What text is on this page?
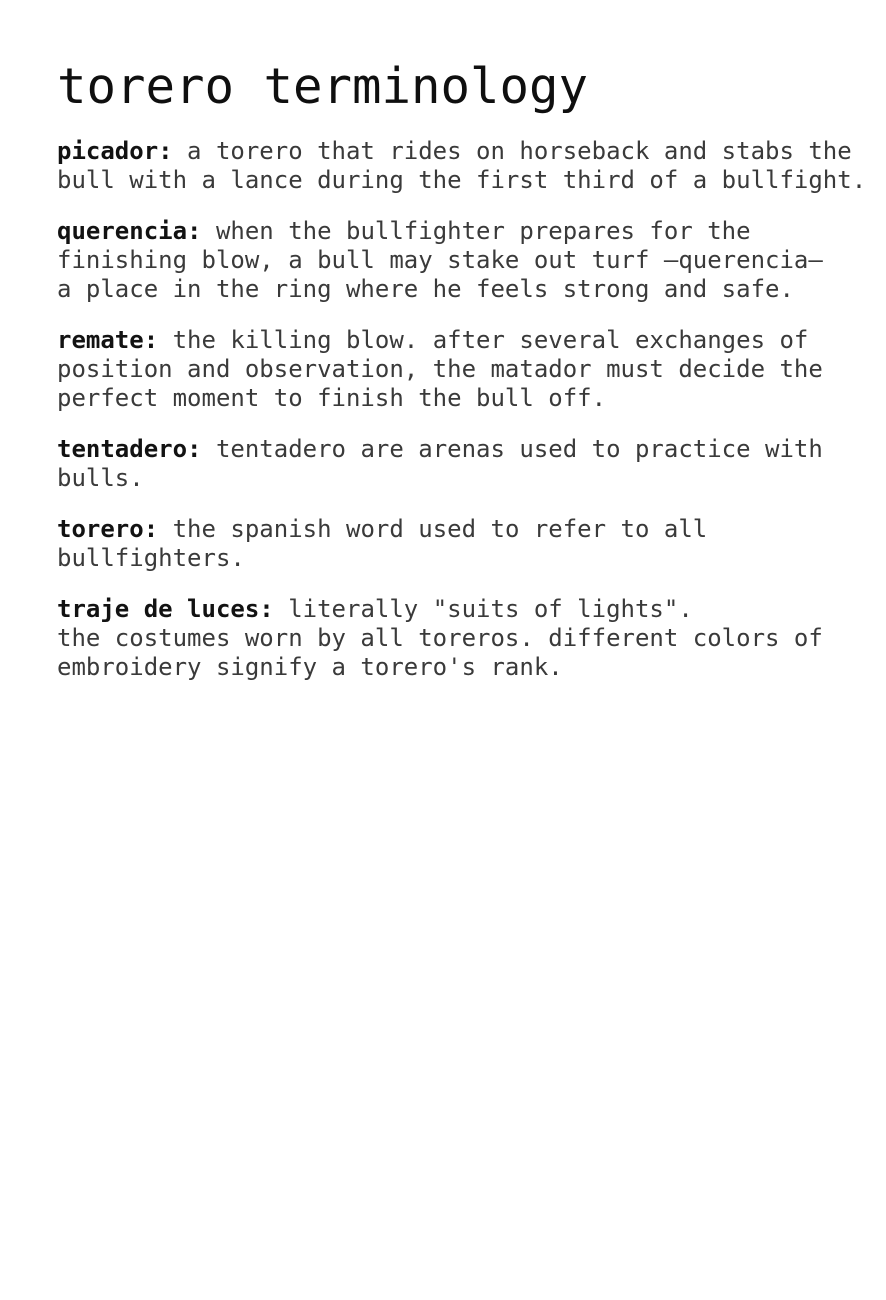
torero terminology

picador: a torero that rides on horseback and stabs the
bull with a lance during the first third of a bullfight.

querencia: when the bullfighter prepares for the
finishing blow, a bull may stake out turf —querencia—
a place in the ring where he feels strong and safe.

remate: the killing blow. after several exchanges of
position and observation, the matador must decide the
perfect moment to finish the bull off.

tentadero: tentadero are arenas used to practice with
bulls.

torero: the spanish word used to refer to all
bullfighters.

traje de luces: literally "suits of lights".
the costumes worn by all toreros. different colors of
embroidery signify a torero's rank.
